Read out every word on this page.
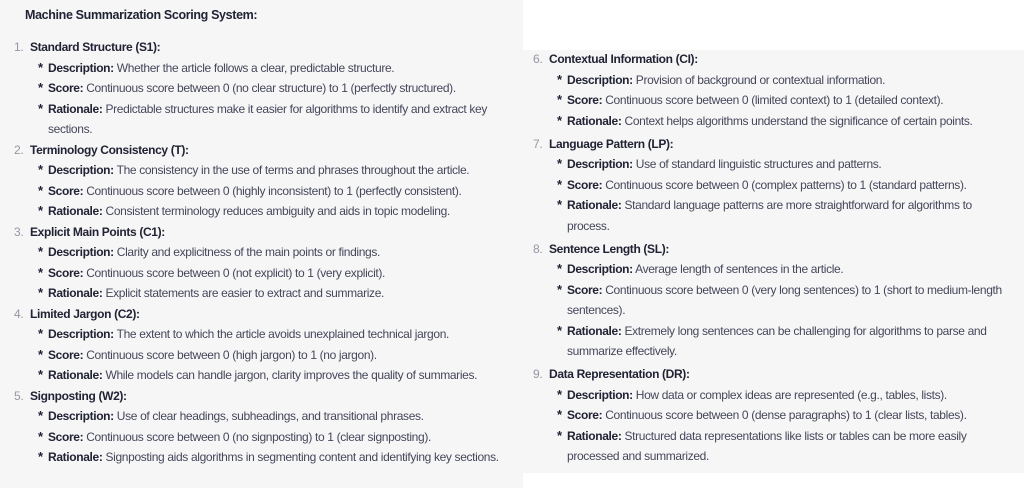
Machine Summarization Scoring System:
1. Standard Structure (S1):
* Description: Whether the article follows a clear, predictable structure.
* Score: Continuous score between 0 (no clear structure) to 1 (perfectly structured).
* Rationale: Predictable structures make it easier for algorithms to identify and extract key sections.
2. Terminology Consistency (T):
* Description: The consistency in the use of terms and phrases throughout the article.
* Score: Continuous score between 0 (highly inconsistent) to 1 (perfectly consistent).
* Rationale: Consistent terminology reduces ambiguity and aids in topic modeling.
3. Explicit Main Points (C1):
* Description: Clarity and explicitness of the main points or findings.
* Score: Continuous score between 0 (not explicit) to 1 (very explicit).
* Rationale: Explicit statements are easier to extract and summarize.
4. Limited Jargon (C2):
* Description: The extent to which the article avoids unexplained technical jargon.
* Score: Continuous score between 0 (high jargon) to 1 (no jargon).
* Rationale: While models can handle jargon, clarity improves the quality of summaries.
5. Signposting (W2):
* Description: Use of clear headings, subheadings, and transitional phrases.
* Score: Continuous score between 0 (no signposting) to 1 (clear signposting).
* Rationale: Signposting aids algorithms in segmenting content and identifying key sections.
6. Contextual Information (CI):
* Description: Provision of background or contextual information.
* Score: Continuous score between 0 (limited context) to 1 (detailed context).
* Rationale: Context helps algorithms understand the significance of certain points.
7. Language Pattern (LP):
* Description: Use of standard linguistic structures and patterns.
* Score: Continuous score between 0 (complex patterns) to 1 (standard patterns).
* Rationale: Standard language patterns are more straightforward for algorithms to process.
8. Sentence Length (SL):
* Description: Average length of sentences in the article.
* Score: Continuous score between 0 (very long sentences) to 1 (short to medium-length sentences).
* Rationale: Extremely long sentences can be challenging for algorithms to parse and summarize effectively.
9. Data Representation (DR):
* Description: How data or complex ideas are represented (e.g., tables, lists).
* Score: Continuous score between 0 (dense paragraphs) to 1 (clear lists, tables).
* Rationale: Structured data representations like lists or tables can be more easily processed and summarized.
